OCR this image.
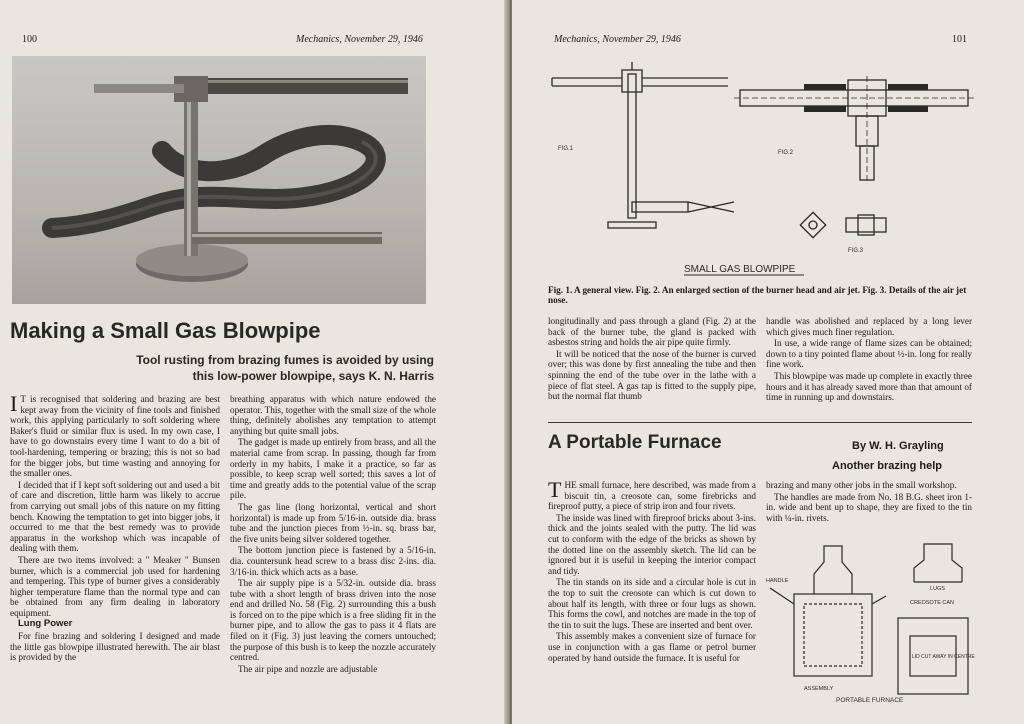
100	Mechanics, November 29, 1946
Making a Small Gas Blowpipe
Tool rusting from brazing fumes is avoided by using this low-power blowpipe, says K. N. Harris

I T is recognised that soldering and brazing are best kept away from the vicinity of fine tools and finished work, this applying particularly to soft soldering where Baker's fluid or similar flux is used. In my own case, I have to go downstairs every time I want to do a bit of tool-hardening, tempering or brazing; this is not so bad for the bigger jobs, but time wasting and annoying for the smaller ones.

I decided that if I kept soft soldering out and used a bit of care and discretion, little harm was likely to accrue from carrying out small jobs of this nature on my fitting bench. Knowing the temptation to get into bigger jobs, it occurred to me that the best remedy was to provide apparatus in the workshop which was incapable of dealing with them.

There are two items involved: a " Meaker " Bunsen burner, which is a commercial job used for hardening and tempering. This type of burner gives a considerably higher temperature flame than the normal type and can be obtained from any firm dealing in laboratory equipment.

Lung Power

For fine brazing and soldering I designed and made the little gas blowpipe illustrated herewith. The air blast is provided by the

breathing apparatus with which nature endowed the operator. This, together with the small size of the whole thing, definitely abolishes any temptation to attempt anything but quite small jobs.

The gadget is made up entirely from brass, and all the material came from scrap. In passing, though far from orderly in my habits, I make it a practice, so far as possible, to keep scrap well sorted; this saves a lot of time and greatly adds to the potential value of the scrap pile.

The gas line (long horizontal, vertical and short horizontal) is made up from 5/16-in. outside dia. brass tube and the junction pieces from ½-in. sq. brass bar, the five units being silver soldered together.

The bottom junction piece is fastened by a 5/16-in. dia. countersunk head screw to a brass disc 2-ins. dia. 3/16-in. thick which acts as a base.

The air supply pipe is a 5/32-in. outside dia. brass tube with a short length of brass driven into the nose end and drilled No. 58 (Fig. 2) surrounding this a bush is forced on to the pipe which is a free sliding fit in the burner pipe, and to allow the gas to pass it 4 flats are filed on it (Fig. 3) just leaving the corners untouched; the purpose of this bush is to keep the nozzle accurately centred.

The air pipe and nozzle are adjustable

Mechanics, November 29, 1946	101
FIG.1
FIG.2
FIG.3
SMALL GAS BLOWPIPE
Fig. 1. A general view. Fig. 2. An enlarged section of the burner head and air jet. Fig. 3. Details of the air jet nose.

longitudinally and pass through a gland (Fig. 2) at the back of the burner tube, the gland is packed with asbestos string and holds the air pipe quite firmly.

It will be noticed that the nose of the burner is curved over; this was done by first annealing the tube and then spinning the end of the tube over in the lathe with a piece of flat steel. A gas tap is fitted to the supply pipe, but the normal flat thumb

handle was abolished and replaced by a long lever which gives much finer regulation.

In use, a wide range of flame sizes can be obtained; down to a tiny pointed flame about ½-in. long for really fine work.

This blowpipe was made up complete in exactly three hours and it has already saved more than that amount of time in running up and downstairs.

A Portable Furnace	By W. H. Grayling
Another brazing help

THE small furnace, here described, was made from a biscuit tin, a creosote can, some firebricks and fireproof putty, a piece of strip iron and four rivets.

The inside was lined with fireproof bricks about 3-ins. thick and the joints sealed with the putty. The lid was cut to conform with the edge of the bricks as shown by the dotted line on the assembly sketch. The lid can be ignored but it is useful in keeping the interior compact and tidy.

The tin stands on its side and a circular hole is cut in the top to suit the creosote can which is cut down to about half its length, with three or four lugs as shown. This forms the cowl, and notches are made in the top of the tin to suit the lugs. These are inserted and bent over.

This assembly makes a convenient size of furnace for use in conjunction with a gas flame or petrol burner operated by hand outside the furnace. It is useful for

brazing and many other jobs in the small workshop.

The handles are made from No. 18 B.G. sheet iron 1-in. wide and bent up to shape, they are fixed to the tin with ¼-in. rivets.

HANDLE
LUGS
CREOSOTE CAN
LID CUT AWAY IN CENTRE
ASSEMBLY
PORTABLE FURNACE
